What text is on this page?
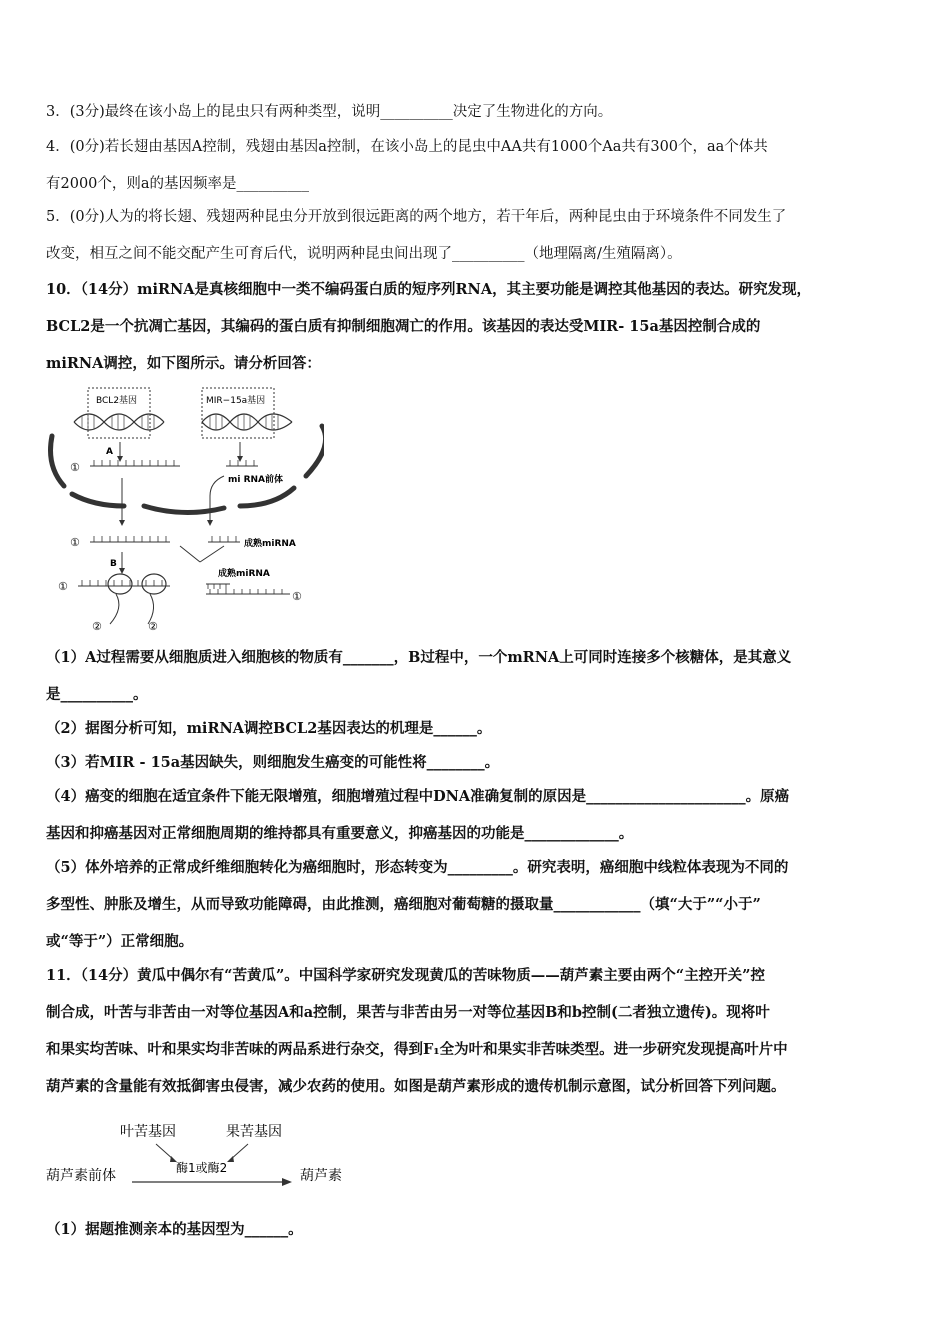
3．(3分)最终在该小岛上的昆虫只有两种类型，说明__________决定了生物进化的方向。
4．(0分)若长翅由基因A控制，残翅由基因a控制，在该小岛上的昆虫中AA共有1000个Aa共有300个，aa个体共
有2000个，则a的基因频率是__________
5．(0分)人为的将长翅、残翅两种昆虫分开放到很远距离的两个地方，若干年后，两种昆虫由于环境条件不同发生了
改变，相互之间不能交配产生可育后代，说明两种昆虫间出现了__________（地理隔离/生殖隔离）。
10．（14分）miRNA是真核细胞中一类不编码蛋白质的短序列RNA，其主要功能是调控其他基因的表达。研究发现，
BCL2是一个抗凋亡基因，其编码的蛋白质有抑制细胞凋亡的作用。该基因的表达受MIR- 15a基因控制合成的
miRNA调控，如下图所示。请分析回答：
BCL2基因	MIR−15a基因
A
①
mi RNA前体
①	成熟miRNA
B
①
②	②
成熟miRNA
①
（1）A过程需要从细胞质进入细胞核的物质有_______，B过程中，一个mRNA上可同时连接多个核糖体，是其意义
是__________。
（2）据图分析可知，miRNA调控BCL2基因表达的机理是______。
（3）若MIR - 15a基因缺失，则细胞发生癌变的可能性将________。
（4）癌变的细胞在适宜条件下能无限增殖，细胞增殖过程中DNA准确复制的原因是______________________。原癌
基因和抑癌基因对正常细胞周期的维持都具有重要意义，抑癌基因的功能是_____________。
（5）体外培养的正常成纤维细胞转化为癌细胞时，形态转变为_________。研究表明，癌细胞中线粒体表现为不同的
多型性、肿胀及增生，从而导致功能障碍，由此推测，癌细胞对葡萄糖的摄取量____________（填“大于”“小于”
或“等于”）正常细胞。
11．（14分）黄瓜中偶尔有“苦黄瓜”。中国科学家研究发现黄瓜的苦味物质——葫芦素主要由两个“主控开关”控
制合成，叶苦与非苦由一对等位基因A和a控制，果苦与非苦由另一对等位基因B和b控制(二者独立遗传)。现将叶
和果实均苦味、叶和果实均非苦味的两品系进行杂交，得到F₁全为叶和果实非苦味类型。进一步研究发现提高叶片中
葫芦素的含量能有效抵御害虫侵害，减少农药的使用。如图是葫芦素形成的遗传机制示意图，试分析回答下列问题。
叶苦基因	果苦基因
酶1或酶2
葫芦素前体	葫芦素
（1）据题推测亲本的基因型为______。
